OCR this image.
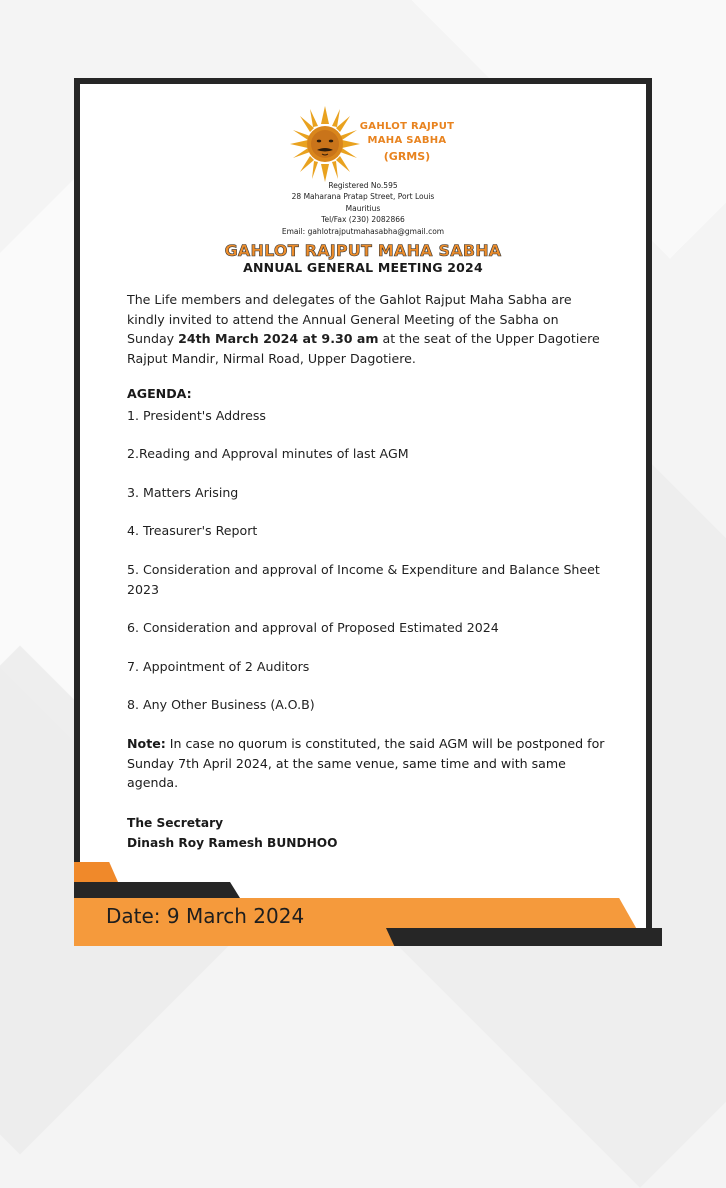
GAHLOT RAJPUT
MAHA SABHA
(GRMS)
Registered No.595
28 Maharana Pratap Street, Port Louis
Mauritius
Tel/Fax (230) 2082866
Email: gahlotrajputmahasabha@gmail.com
GAHLOT RAJPUT MAHA SABHA
ANNUAL GENERAL MEETING 2024

The Life members and delegates of the Gahlot Rajput Maha Sabha are kindly invited to attend the Annual General Meeting of the Sabha on Sunday 24th March 2024 at 9.30 am at the seat of the Upper Dagotiere Rajput Mandir, Nirmal Road, Upper Dagotiere.

AGENDA:
1. President's Address
2.Reading and Approval minutes of last AGM
3. Matters Arising
4. Treasurer's Report
5. Consideration and approval of Income & Expenditure and Balance Sheet 2023
6. Consideration and approval of Proposed Estimated 2024
7. Appointment of 2 Auditors
8. Any Other Business (A.O.B)
Note: In case no quorum is constituted, the said AGM will be postponed for Sunday 7th April 2024, at the same venue, same time and with same agenda.
The Secretary
Dinash Roy Ramesh BUNDHOO
Date: 9 March 2024
